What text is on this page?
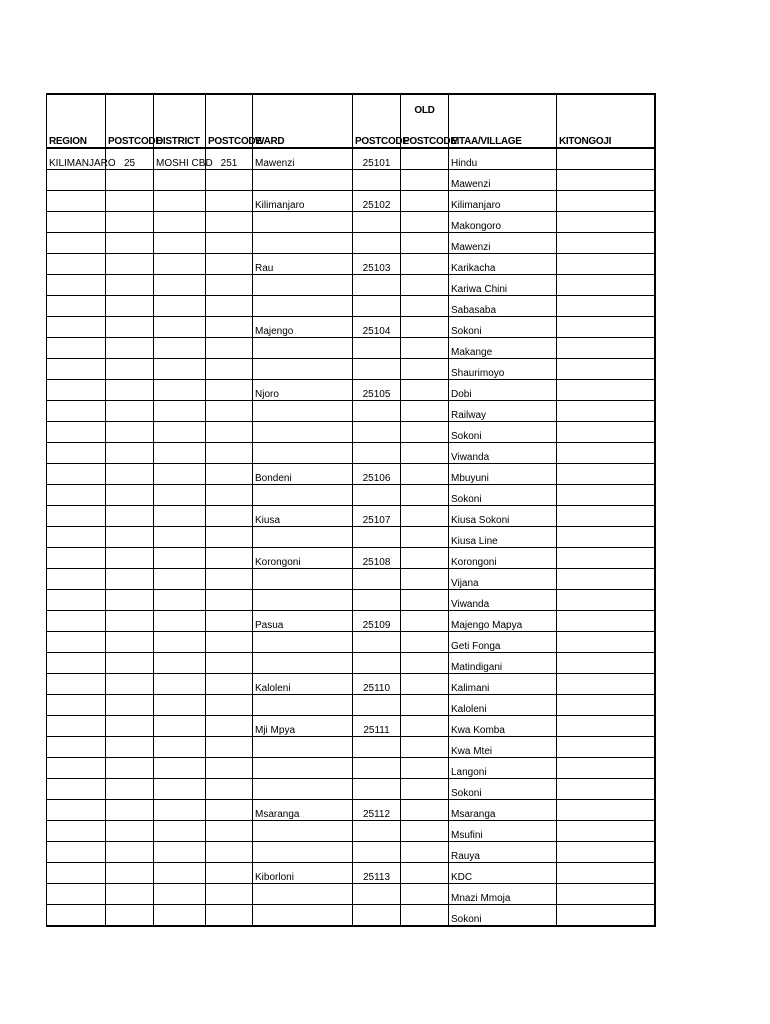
REGION	POSTCODE	DISTRICT	POSTCODE	WARD	POSTCODE	OLD
POSTCODE	MTAA/VILLAGE	KITONGOJI
KILIMANJARO	25	MOSHI CBD	251	Mawenzi	25101		Hindu	
							Mawenzi	
				Kilimanjaro	25102		Kilimanjaro	
							Makongoro	
							Mawenzi	
				Rau	25103		Karikacha	
							Kariwa Chini	
							Sabasaba	
				Majengo	25104		Sokoni	
							Makange	
							Shaurimoyo	
				Njoro	25105		Dobi	
							Railway	
							Sokoni	
							Viwanda	
				Bondeni	25106		Mbuyuni	
							Sokoni	
				Kiusa	25107		Kiusa Sokoni	
							Kiusa Line	
				Korongoni	25108		Korongoni	
							Vijana	
							Viwanda	
				Pasua	25109		Majengo Mapya	
							Geti Fonga	
							Matindigani	
				Kaloleni	25110		Kalimani	
							Kaloleni	
				Mji Mpya	25111		Kwa Komba	
							Kwa Mtei	
							Langoni	
							Sokoni	
				Msaranga	25112		Msaranga	
							Msufini	
							Rauya	
				Kiborloni	25113		KDC	
							Mnazi Mmoja	
							Sokoni	
